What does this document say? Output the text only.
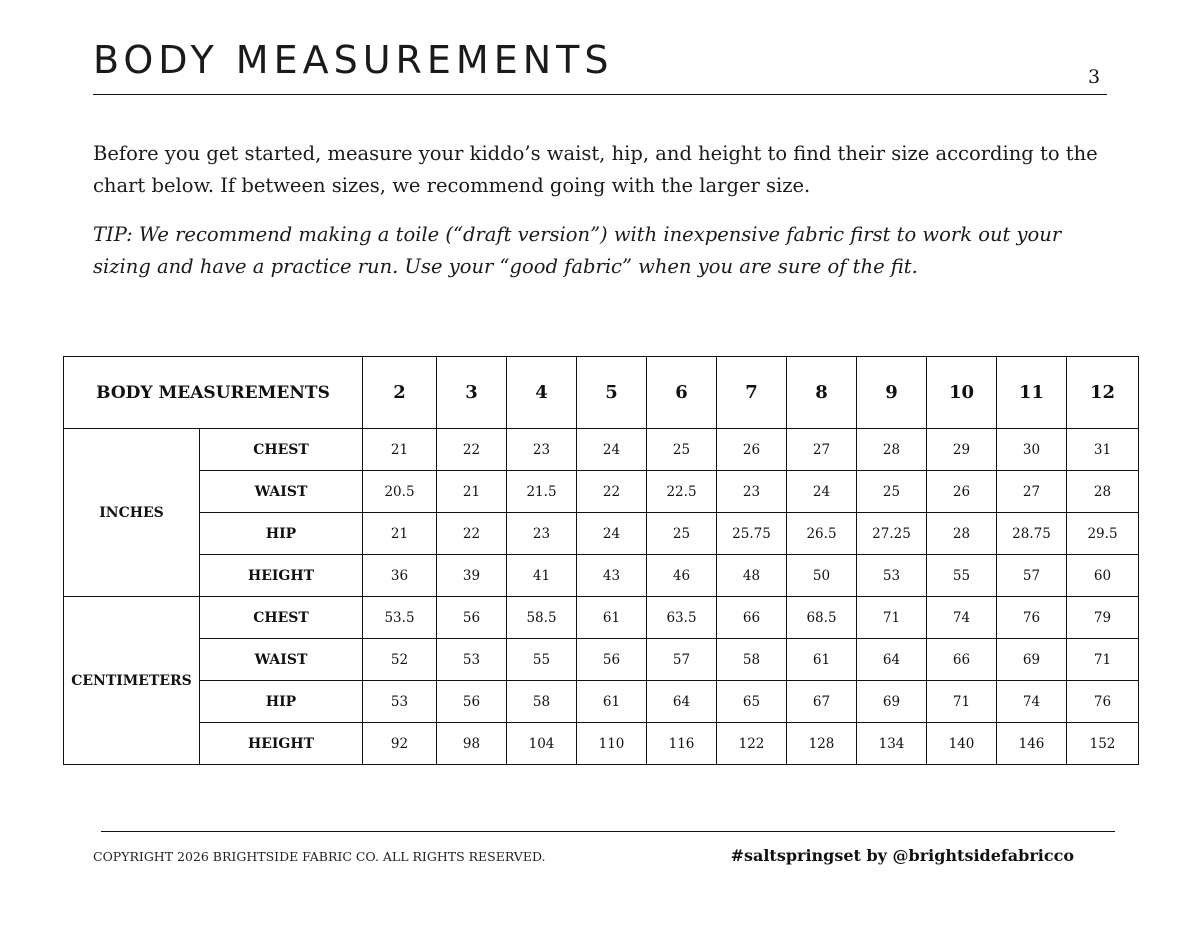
BODY MEASUREMENTS	3

Before you get started, measure your kiddo’s waist, hip, and height to find their size according to the chart below. If between sizes, we recommend going with the larger size.

TIP: We recommend making a toile (“draft version”) with inexpensive fabric first to work out your sizing and have a practice run. Use your “good fabric” when you are sure of the fit.

BODY MEASUREMENTS		2	3	4	5	6	7	8	9	10	11	12
INCHES	CHEST	21	22	23	24	25	26	27	28	29	30	31
	WAIST	20.5	21	21.5	22	22.5	23	24	25	26	27	28
	HIP	21	22	23	24	25	25.75	26.5	27.25	28	28.75	29.5
	HEIGHT	36	39	41	43	46	48	50	53	55	57	60
CENTIMETERS	CHEST	53.5	56	58.5	61	63.5	66	68.5	71	74	76	79
	WAIST	52	53	55	56	57	58	61	64	66	69	71
	HIP	53	56	58	61	64	65	67	69	71	74	76
	HEIGHT	92	98	104	110	116	122	128	134	140	146	152
COPYRIGHT 2026 BRIGHTSIDE FABRIC CO. ALL RIGHTS RESERVED.	#saltspringset by @brightsidefabricco
